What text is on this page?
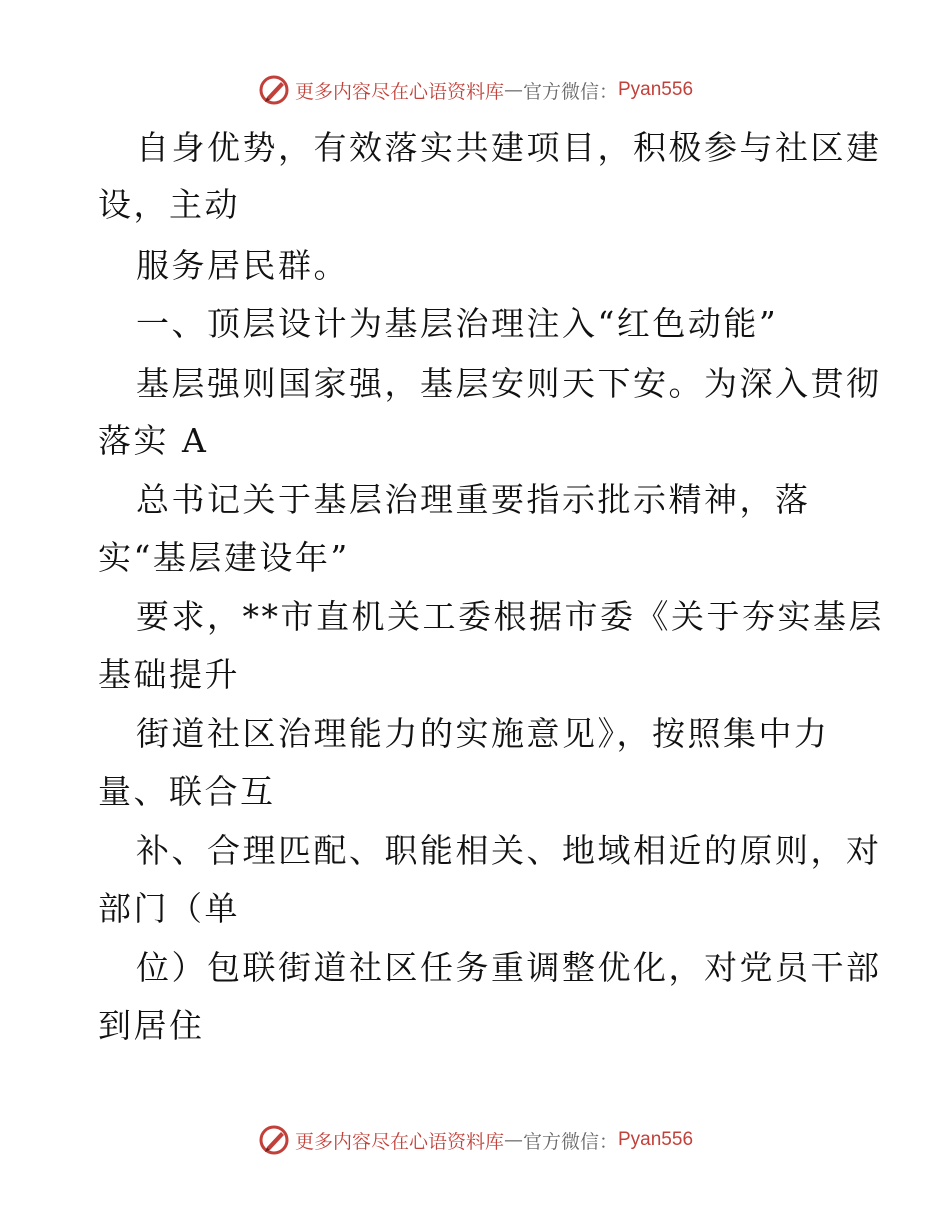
更多内容尽在心语资料库 — 官方微信： Pyan556
自身优势，有效落实共建项目，积极参与社区建
设，主动
服务居民群。
一、顶层设计为基层治理注入“红色动能”
基层强则国家强，基层安则天下安。为深入贯彻
落实 A
总书记关于基层治理重要指示批示精神，落
实“基层建设年”
要求，**市直机关工委根据市委《关于夯实基层
基础提升
街道社区治理能力的实施意见》，按照集中力
量、联合互
补、合理匹配、职能相关、地域相近的原则，对
部门（单
位）包联街道社区任务重调整优化，对党员干部
到居住
更多内容尽在心语资料库 — 官方微信： Pyan556
